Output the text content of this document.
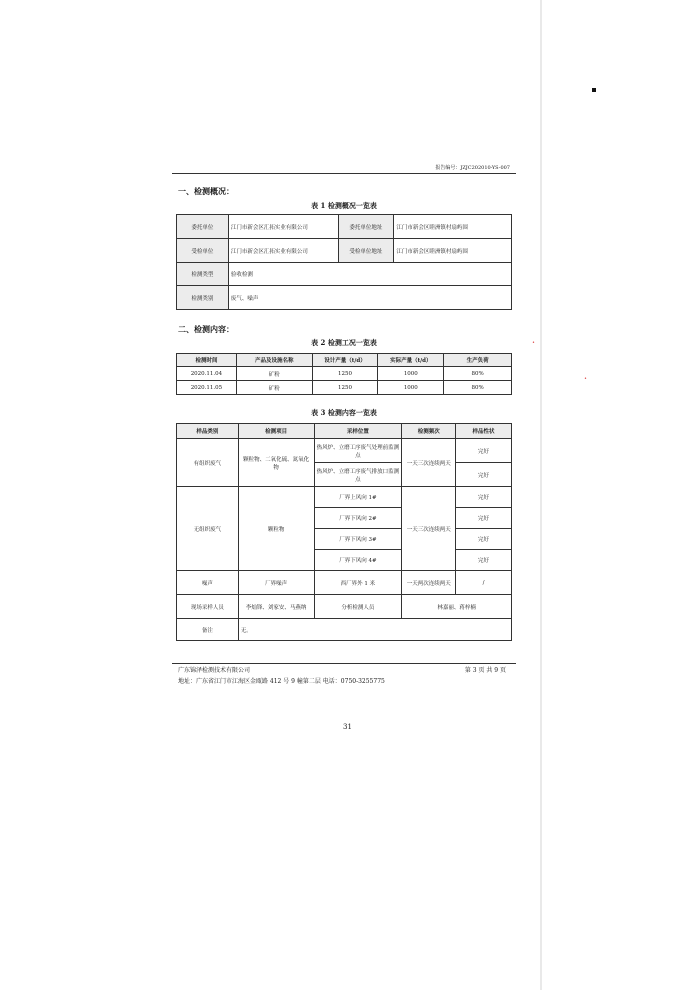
•
•
报告编号：JZJC202010-YS-007
一、检测概况：
表 1 检测概况一览表
委托单位	江门市新会区汇拓实业有限公司	委托单位地址	江门市新会区睦洲镇村扇屿围
受检单位	江门市新会区汇拓实业有限公司	受检单位地址	江门市新会区睦洲镇村扇屿围
检测类型	验收检测		
检测类别	废气、噪声		
二、检测内容：
表 2 检测工况一览表
检测时间	产品及设施名称	设计产量（t/d）	实际产量（t/d）	生产负荷
2020.11.04	矿粉	1250	1000	80%
2020.11.05	矿粉	1250	1000	80%
表 3 检测内容一览表
样品类别	检测项目	采样位置	检测频次	样品性状
有组织废气	颗粒物、二氧化硫、氮氧化物	热风炉、立磨工序废气处理前监测点	一天三次连续两天	完好
		热风炉、立磨工序废气排放口监测点		完好
无组织废气	颗粒物	厂界上风向 1#	一天三次连续两天	完好
		厂界下风向 2#		完好
		厂界下风向 3#		完好
		厂界下风向 4#		完好
噪声	厂界噪声	西厂界外 1 米	一天两次连续两天	/
现场采样人员	李灿锋、刘家安、马燕纳	分析检测人员	林嘉丽、蒋梓楠	
备注	无。			
广东锦泽检测技术有限公司	第 3 页 共 9 页
地址：广东省江门市江海区金瓯路 412 号 9 幢第二层 电话：0750-3255775
31
